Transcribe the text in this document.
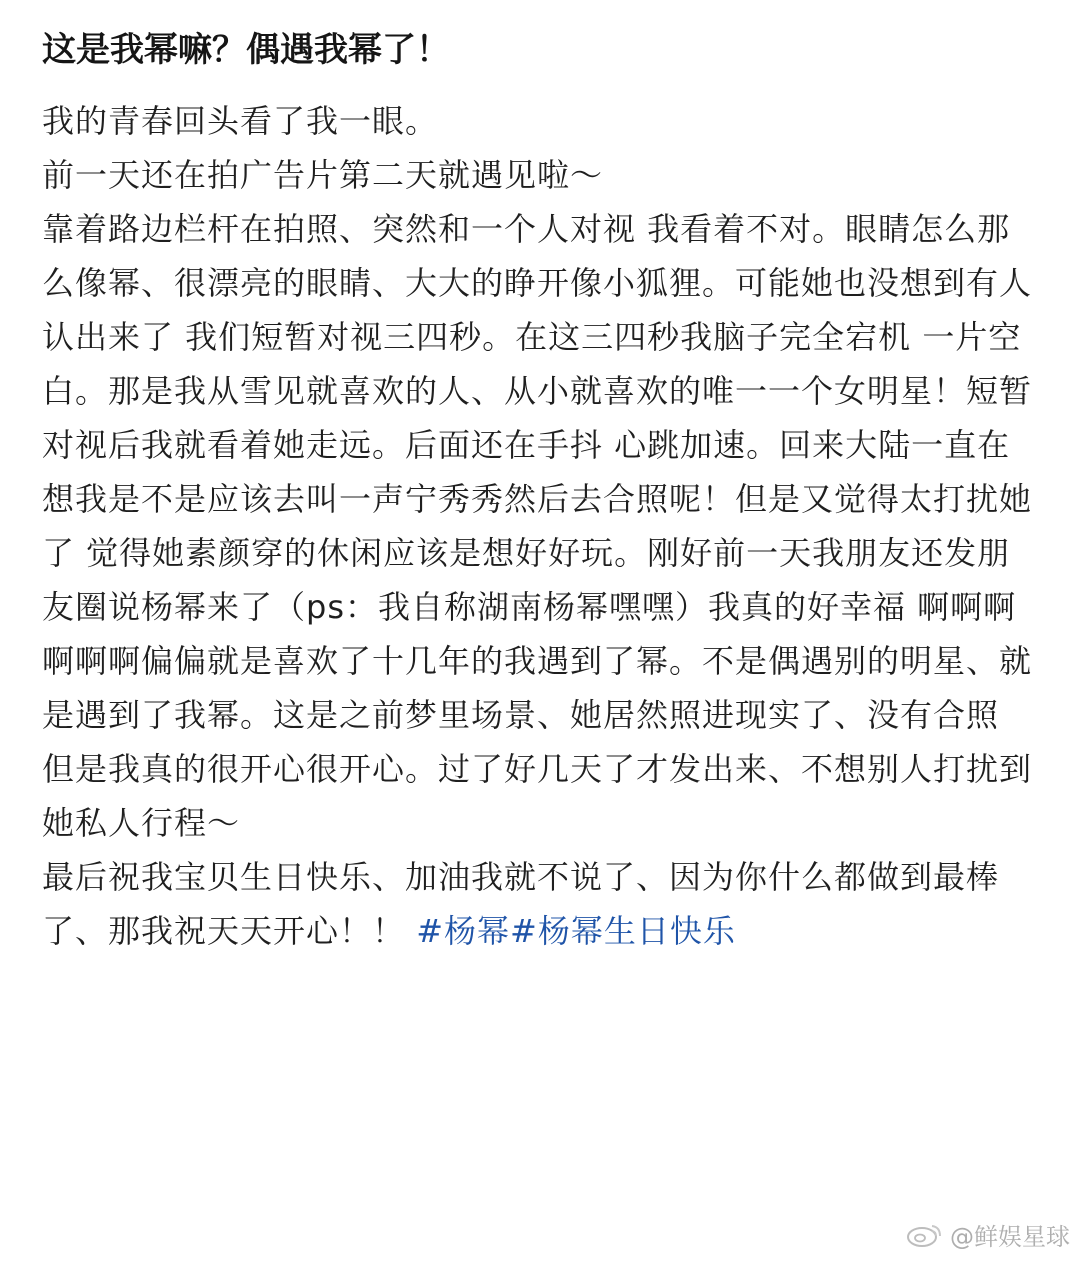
这是我幂嘛？偶遇我幂了！

我的青春回头看了我一眼。

前一天还在拍广告片第二天就遇见啦～

靠着路边栏杆在拍照、突然和一个人对视 我看着不对。眼睛怎么那么像幂、很漂亮的眼睛、大大的睁开像小狐狸。可能她也没想到有人认出来了 我们短暂对视三四秒。在这三四秒我脑子完全宕机 一片空白。那是我从雪见就喜欢的人、从小就喜欢的唯一一个女明星！短暂对视后我就看着她走远。后面还在手抖 心跳加速。回来大陆一直在想我是不是应该去叫一声宁秀秀然后去合照呢！但是又觉得太打扰她了 觉得她素颜穿的休闲应该是想好好玩。刚好前一天我朋友还发朋友圈说杨幂来了（ps：我自称湖南杨幂嘿嘿）我真的好幸福 啊啊啊啊啊啊偏偏就是喜欢了十几年的我遇到了幂。不是偶遇别的明星、就是遇到了我幂。这是之前梦里场景、她居然照进现实了、没有合照 但是我真的很开心很开心。过了好几天了才发出来、不想别人打扰到她私人行程～

最后祝我宝贝生日快乐、加油我就不说了、因为你什么都做到最棒了、那我祝天天开心！！ #杨幂#杨幂生日快乐

@鲜娱星球
